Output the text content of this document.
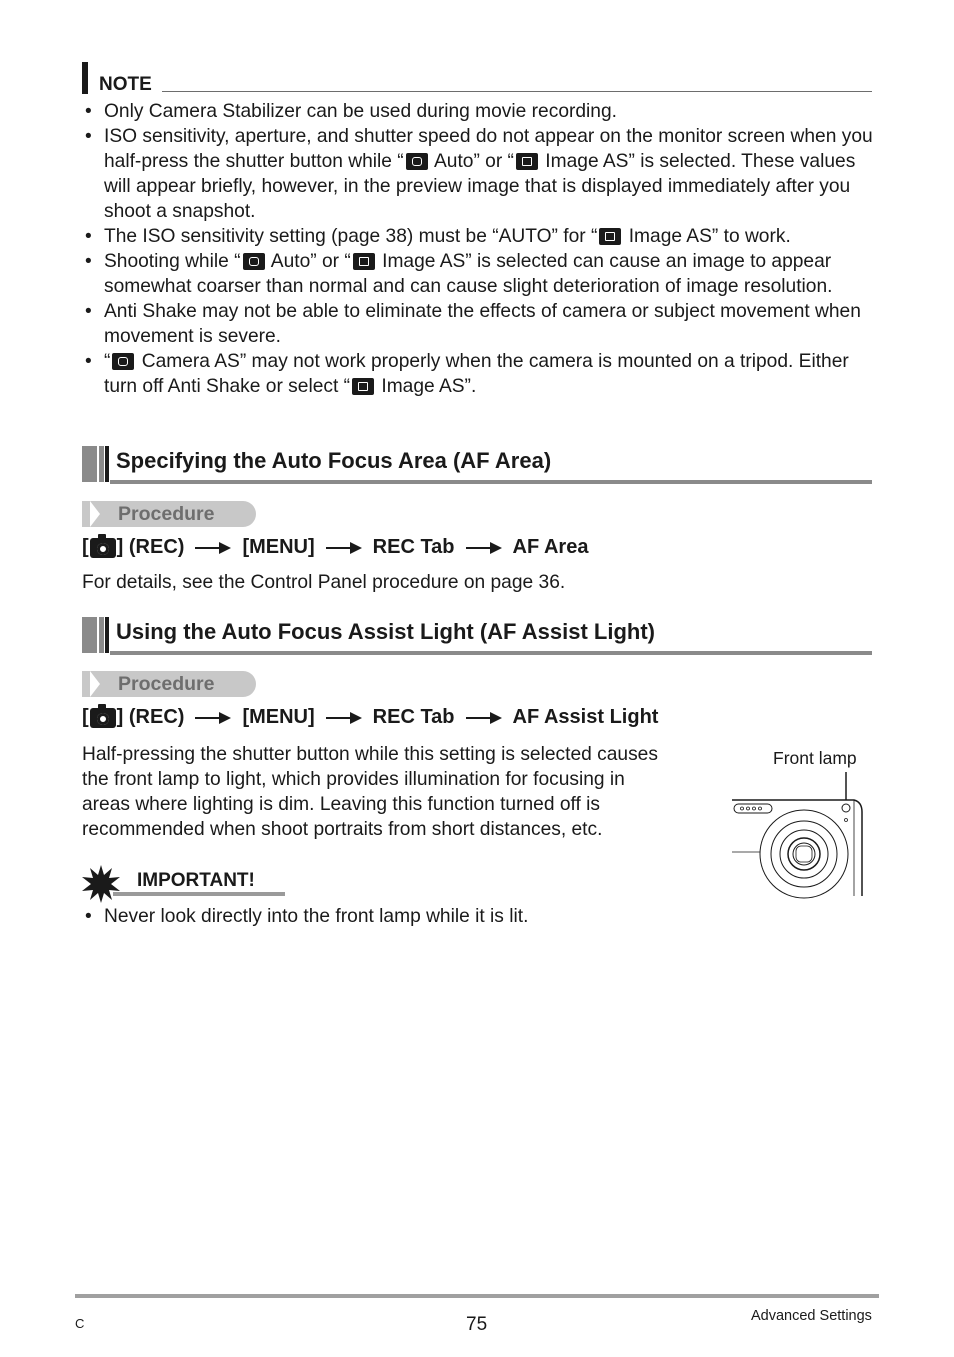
NOTE
• Only Camera Stabilizer can be used during movie recording.
• ISO sensitivity, aperture, and shutter speed do not appear on the monitor screen when you half-press the shutter button while “ Auto” or “ Image AS” is selected. These values will appear briefly, however, in the preview image that is displayed immediately after you shoot a snapshot.
• The ISO sensitivity setting (page 38) must be “AUTO” for “ Image AS” to work.
• Shooting while “ Auto” or “ Image AS” is selected can cause an image to appear somewhat coarser than normal and can cause slight deterioration of image resolution.
• Anti Shake may not be able to eliminate the effects of camera or subject movement when movement is severe.
• “ Camera AS” may not work properly when the camera is mounted on a tripod. Either turn off Anti Shake or select “ Image AS”.
Specifying the Auto Focus Area (AF Area)
Procedure
[ ] (REC)	[MENU]	REC Tab	AF Area
For details, see the Control Panel procedure on page 36.
Using the Auto Focus Assist Light (AF Assist Light)
Procedure
[ ] (REC)	[MENU]	REC Tab	AF Assist Light
Half-pressing the shutter button while this setting is selected causes
the front lamp to light, which provides illumination for focusing in
areas where lighting is dim. Leaving this function turned off is
recommended when shoot portraits from short distances, etc.
Front lamp
IMPORTANT!
• Never look directly into the front lamp while it is lit.
C	75	Advanced Settings
